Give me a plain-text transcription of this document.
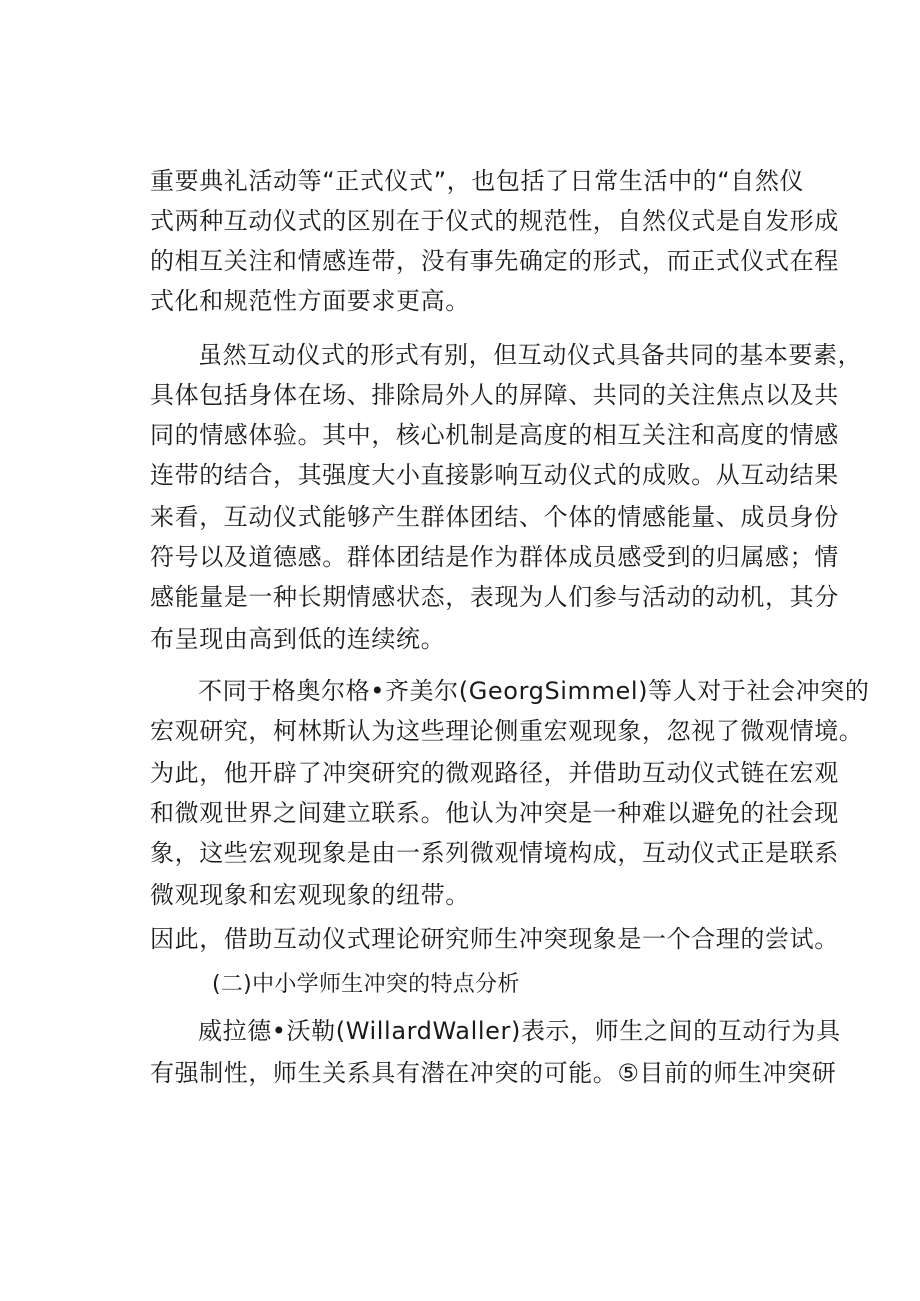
重要典礼活动等“正式仪式”，也包括了日常生活中的“自然仪
式两种互动仪式的区别在于仪式的规范性，自然仪式是自发形成
的相互关注和情感连带，没有事先确定的形式，而正式仪式在程
式化和规范性方面要求更高。
虽然互动仪式的形式有别，但互动仪式具备共同的基本要素，
具体包括身体在场、排除局外人的屏障、共同的关注焦点以及共
同的情感体验。其中，核心机制是高度的相互关注和高度的情感
连带的结合，其强度大小直接影响互动仪式的成败。从互动结果
来看，互动仪式能够产生群体团结、个体的情感能量、成员身份
符号以及道德感。群体团结是作为群体成员感受到的归属感；情
感能量是一种长期情感状态，表现为人们参与活动的动机，其分
布呈现由高到低的连续统。
不同于格奥尔格•齐美尔(GeorgSimmel)等人对于社会冲突的
宏观研究，柯林斯认为这些理论侧重宏观现象，忽视了微观情境。
为此，他开辟了冲突研究的微观路径，并借助互动仪式链在宏观
和微观世界之间建立联系。他认为冲突是一种难以避免的社会现
象，这些宏观现象是由一系列微观情境构成，互动仪式正是联系
微观现象和宏观现象的纽带。
因此，借助互动仪式理论研究师生冲突现象是一个合理的尝试。
(二)中小学师生冲突的特点分析
威拉德•沃勒(WillardWaller)表示，师生之间的互动行为具
有强制性，师生关系具有潜在冲突的可能。⑤目前的师生冲突研
